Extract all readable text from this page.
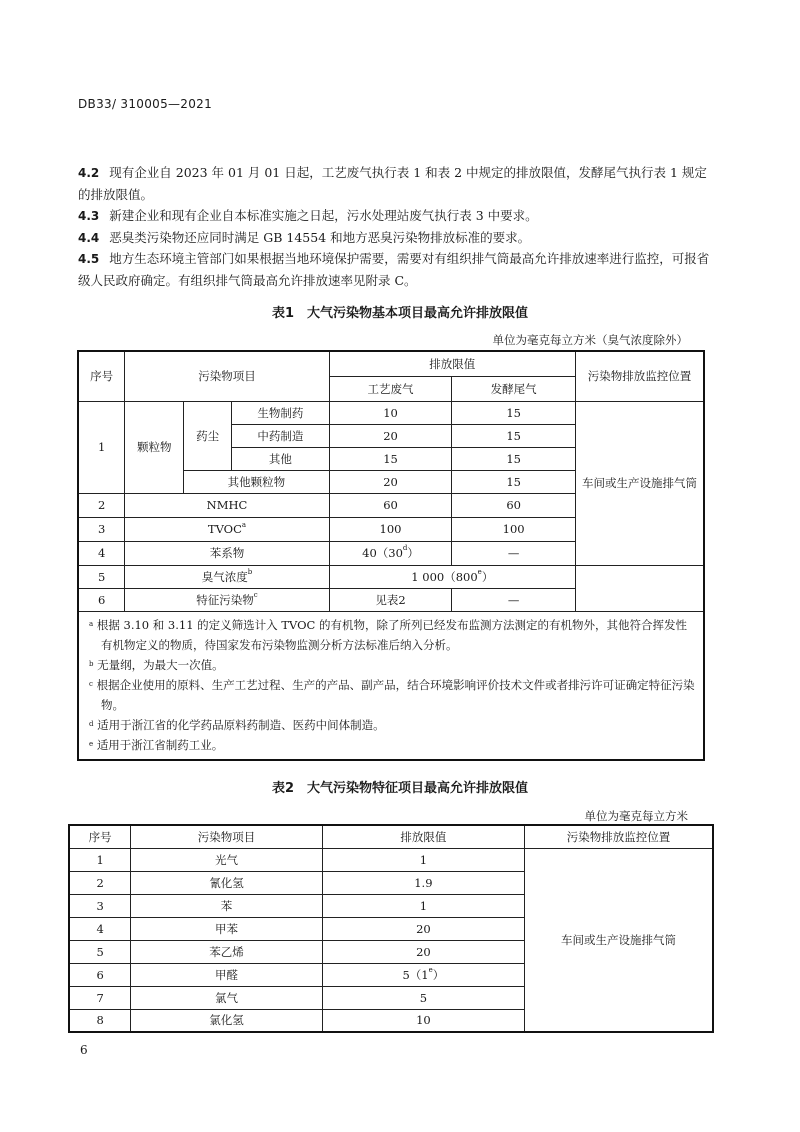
DB33/ 310005—2021
4.2 现有企业自 2023 年 01 月 01 日起，工艺废气执行表 1 和表 2 中规定的排放限值，发酵尾气执行表 1 规定的排放限值。
4.3 新建企业和现有企业自本标准实施之日起，污水处理站废气执行表 3 中要求。
4.4 恶臭类污染物还应同时满足 GB 14554 和地方恶臭污染物排放标准的要求。
4.5 地方生态环境主管部门如果根据当地环境保护需要，需要对有组织排气筒最高允许排放速率进行监控，可报省级人民政府确定。有组织排气筒最高允许排放速率见附录 C。
表1　大气污染物基本项目最高允许排放限值
单位为毫克每立方米（臭气浓度除外）
序号	污染物项目			排放限值		污染物排放监控位置
				工艺废气	发酵尾气	
1	颗粒物	药尘	生物制药	10	15	车间或生产设施排气筒
			中药制造	20	15	
			其他	15	15	
		其他颗粒物		20	15	
2	NMHC			60	60	
3	TVOC$^a$			100	100	
4	苯系物			40（30$^d$）	—	
5	臭气浓度$^b$			1 000（800e）		
6	特征污染物$^c$			见表2	—	

$^a$ 根据 3.10 和 3.11 的定义筛选计入 TVOC 的有机物，除了所列已经发布监测方法测定的有机物外，其他符合挥发性有机物定义的物质，待国家发布污染物监测分析方法标准后纳入分析。
$^b$ 无量纲，为最大一次值。
$^c$ 根据企业使用的原料、生产工艺过程、生产的产品、副产品，结合环境影响评价技术文件或者排污许可证确定特征污染物。
$^d$ 适用于浙江省的化学药品原料药制造、医药中间体制造。
$^e$ 适用于浙江省制药工业。						
表2　大气污染物特征项目最高允许排放限值
单位为毫克每立方米
序号	污染物项目	排放限值	污染物排放监控位置
1	光气	1	车间或生产设施排气筒
2	氰化氢	1.9	
3	苯	1	
4	甲苯	20	
5	苯乙烯	20	
6	甲醛	5（1e）	
7	氯气	5	
8	氯化氢	10	
6
